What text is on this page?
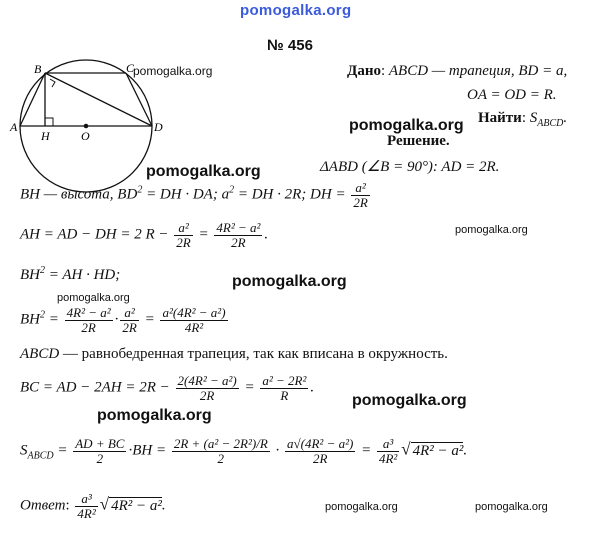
pomogalka.org
pomogalka.org
pomogalka.org
pomogalka.org
pomogalka.org
pomogalka.org
pomogalka.org
pomogalka.org
pomogalka.org
pomogalka.org	pomogalka.org
№ 456
B	C
A
H	O
D
Дано: ABCD — трапеция, BD = a,
OA = OD = R.
Найти: $S_{ABCD}$.
Решение.
ΔABD (∠B = 90°): AD = 2R.
BH — высота, $BD^2$ = DH · DA; $a^2$ = DH · 2R; DH = $\frac{\text{a²}}{2R}$
AH = AD − DH = 2 $R - \frac{\text{a²}}{2R} = \frac{\text{4R² − a²}}{2R}$ .
$BH^2$ = AH · HD;
$BH^2 = \frac{\text{4R² − a²}}{2R} \cdot \frac{\text{a²}}{2R} = \frac{\text{a²(4R² − a²)}}{\text{4R²}}$
ABCD — равнобедренная трапеция, так как вписана в окружность.
BC = AD − $2AH = 2R - \frac{\text{2(4R² − a²)}}{2R} = \frac{\text{a² − 2R²}}{R}$ .
$S_{ABCD} = \frac{AD + BC}{2} \cdot BH = \frac{\text{2R + (a² − 2R²)/R}}{2} \cdot \frac{\text{a√(4R² − a²)}}{2R} = \frac{\text{a³}}{\text{4R²}}$ √ 4R² − a².
Ответ: $\frac{\text{a³}}{\text{4R²}}$ √ 4R² − a².
